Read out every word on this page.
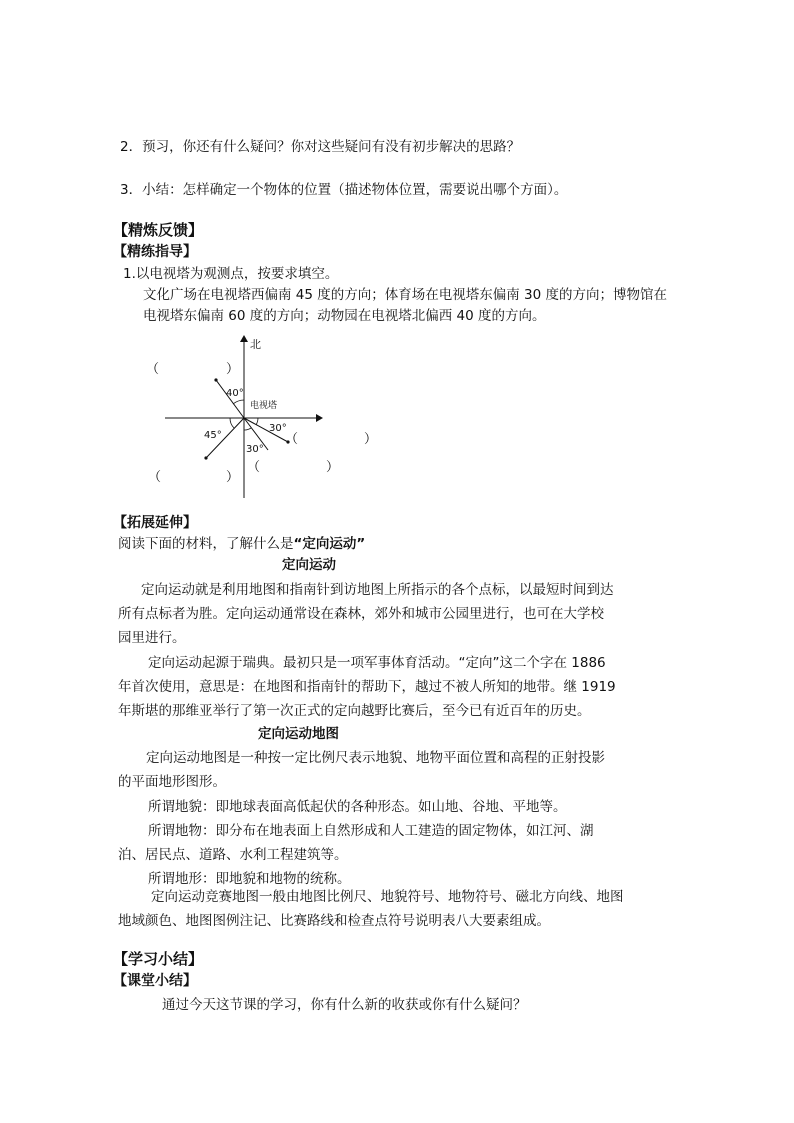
2．预习，你还有什么疑问？你对这些疑问有没有初步解决的思路？
3．小结：怎样确定一个物体的位置（描述物体位置，需要说出哪个方面）。
【精炼反馈】
【精练指导】
1.以电视塔为观测点，按要求填空。
文化广场在电视塔西偏南 45 度的方向；体育场在电视塔东偏南 30 度的方向；博物馆在
电视塔东偏南 60 度的方向；动物园在电视塔北偏西 40 度的方向。
北
电视塔
40°
45°
30°
30°
（	）
（	）
（	）
（	）
【拓展延伸】
阅读下面的材料，了解什么是“定向运动”
定向运动
定向运动就是利用地图和指南针到访地图上所指示的各个点标，以最短时间到达
所有点标者为胜。定向运动通常设在森林，郊外和城市公园里进行，也可在大学校
园里进行。
定向运动起源于瑞典。最初只是一项军事体育活动。“定向”这二个字在 1886
年首次使用，意思是：在地图和指南针的帮助下，越过不被人所知的地带。继 1919
年斯堪的那维亚举行了第一次正式的定向越野比赛后，至今已有近百年的历史。
定向运动地图
定向运动地图是一种按一定比例尺表示地貌、地物平面位置和高程的正射投影
的平面地形图形。
所谓地貌：即地球表面高低起伏的各种形态。如山地、谷地、平地等。
所谓地物：即分布在地表面上自然形成和人工建造的固定物体，如江河、湖
泊、居民点、道路、水利工程建筑等。
所谓地形：即地貌和地物的统称。
定向运动竞赛地图一般由地图比例尺、地貌符号、地物符号、磁北方向线、地图
地域颜色、地图图例注记、比赛路线和检查点符号说明表八大要素组成。
【学习小结】
【课堂小结】
通过今天这节课的学习，你有什么新的收获或你有什么疑问？
